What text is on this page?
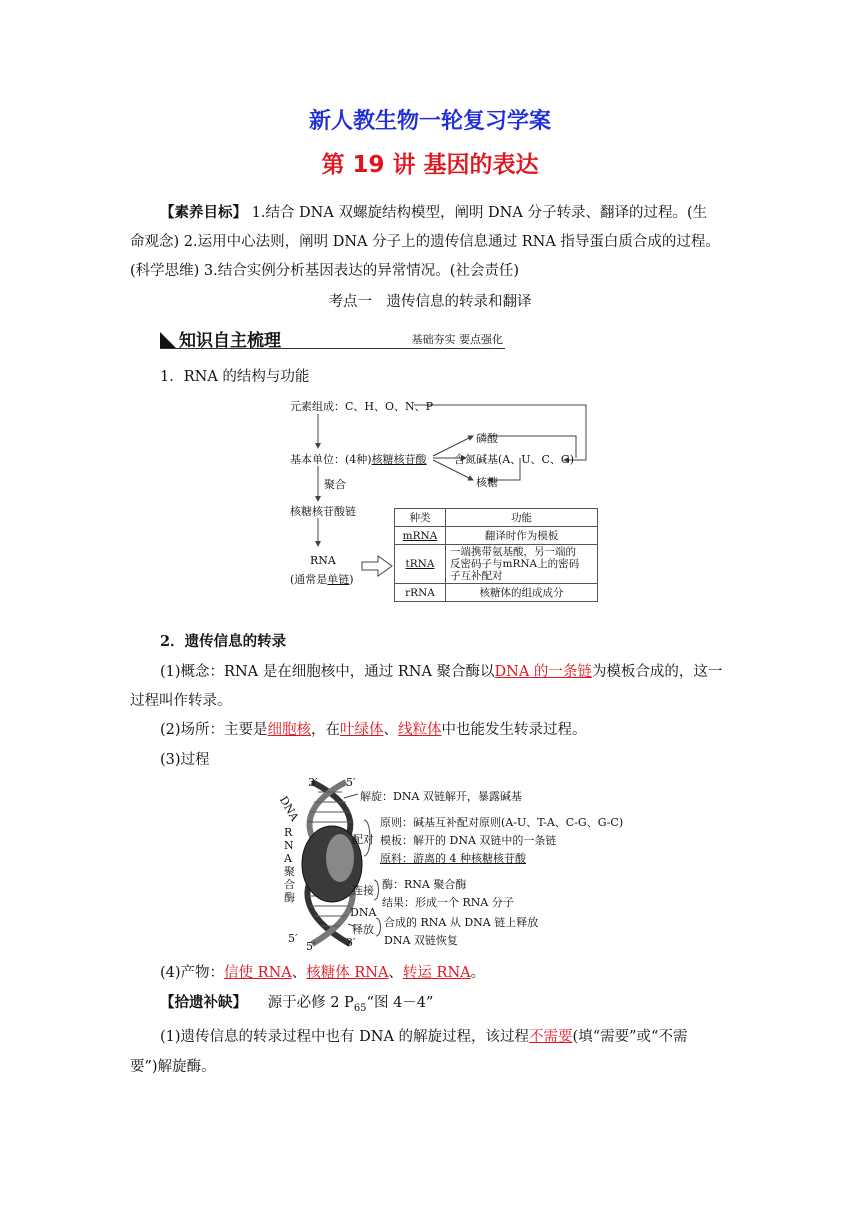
新人教生物一轮复习学案
第 19 讲 基因的表达
【素养目标】 1.结合 DNA 双螺旋结构模型，阐明 DNA 分子转录、翻译的过程。(生
命观念) 2.运用中心法则，阐明 DNA 分子上的遗传信息通过 RNA 指导蛋白质合成的过程。
(科学思维) 3.结合实例分析基因表达的异常情况。(社会责任)
考点一　遗传信息的转录和翻译
知识自主梳理	基础夯实 要点强化
1．RNA 的结构与功能
元素组成：C、H、O、N、P
基本单位：(4种)核糖核苷酸
磷酸
含氮碱基(A、U、C、G)
核糖
聚合
核糖核苷酸链
RNA
(通常是单链)
种类	功能
mRNA	翻译时作为模板
tRNA	一端携带氨基酸，另一端的
反密码子与mRNA上的密码
子互补配对

rRNA	核糖体的组成成分
2．遗传信息的转录
(1)概念：RNA 是在细胞核中，通过 RNA 聚合酶以DNA 的一条链为模板合成的，这一
过程叫作转录。
(2)场所：主要是细胞核，在叶绿体、线粒体中也能发生转录过程。
(3)过程
3′	5′
DNA
RNA聚合酶
解旋：DNA 双链解开，暴露碱基
配对
原则：碱基互补配对原则(A-U、T-A、C-G、G-C)
模板：解开的 DNA 双链中的一条链
原料：游离的 4 种核糖核苷酸
连接 酶：RNA 聚合酶
结果：形成一个 RNA 分子
DNA
释放
合成的 RNA 从 DNA 链上释放
DNA 双链恢复
5′	3′
5′
(4)产物：信使 RNA、核糖体 RNA、转运 RNA。
【拾遗补缺】 源于必修 2 $P_{65}“$图 4－4”
(1)遗传信息的转录过程中也有 DNA 的解旋过程，该过程不需要(填“需要”或“不需
要”)解旋酶。
